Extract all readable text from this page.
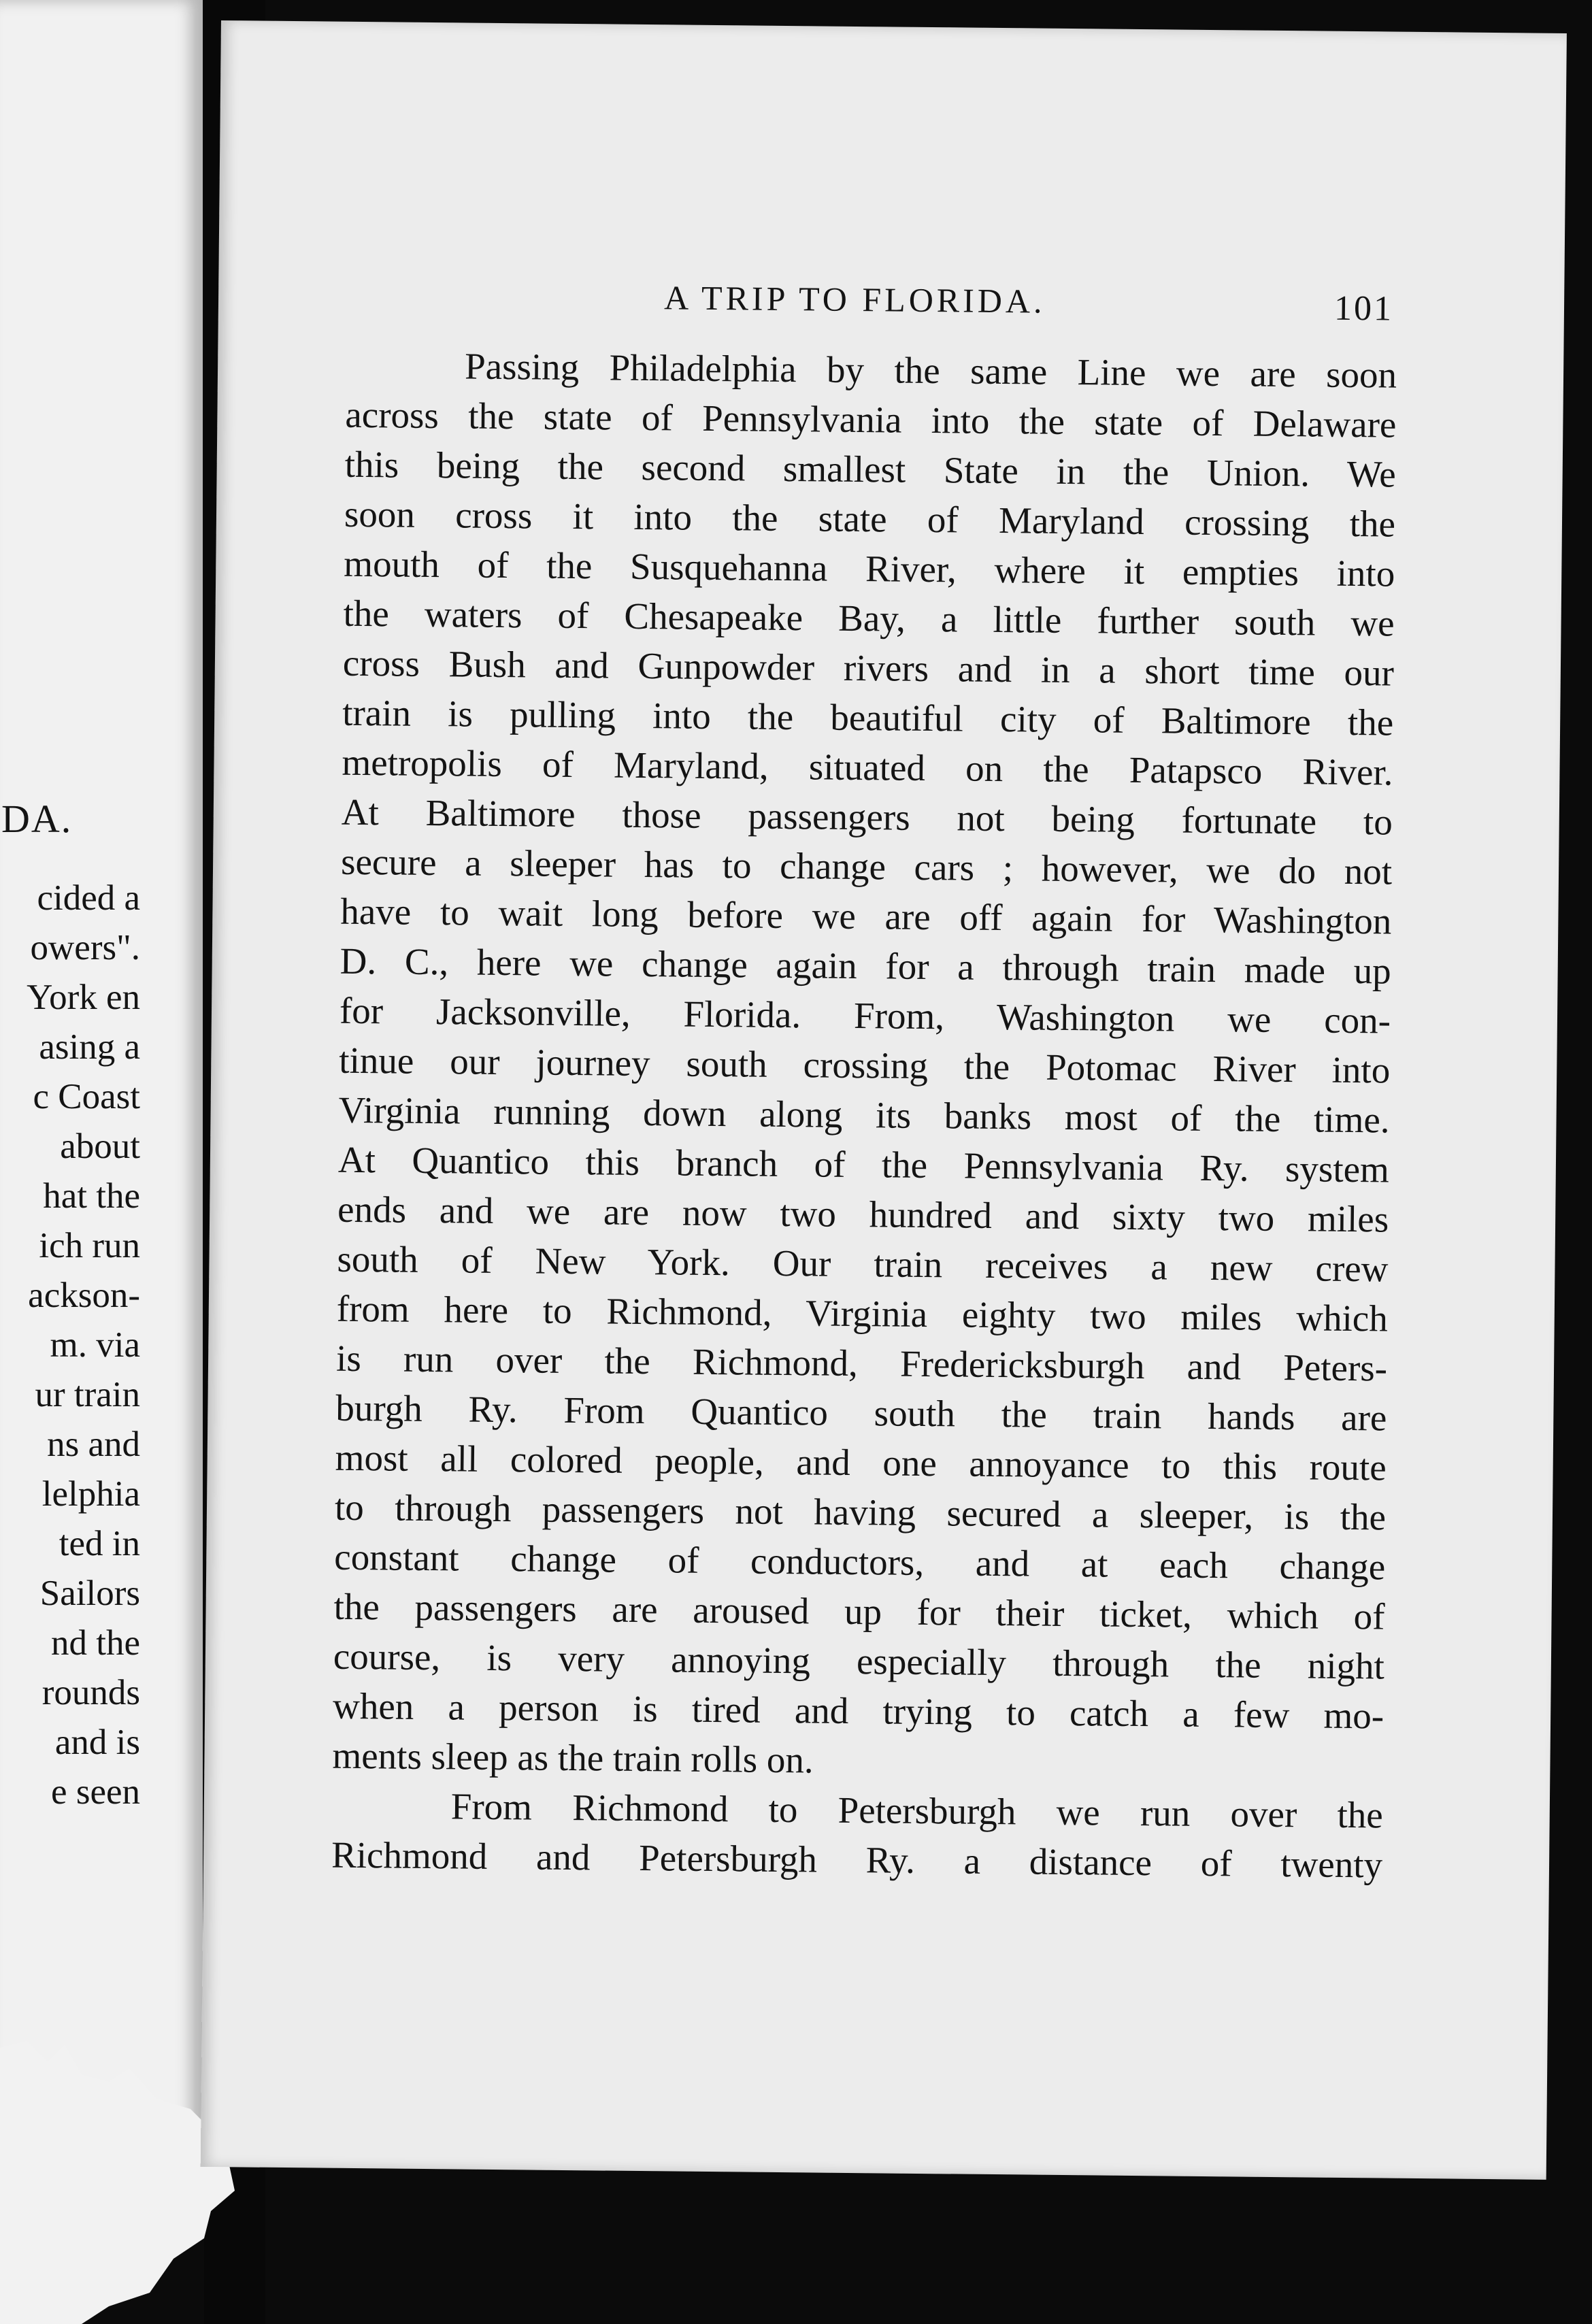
DA.
cided a
owers".
York en
asing a
c Coast
about
hat the
ich run
ackson-
m. via
ur train
ns and
lelphia
ted in
Sailors
nd the
rounds
and is
e seen
A TRIP TO FLORIDA.	101
Passing Philadelphia by the same Line we are soon
across the state of Pennsylvania into the state of Delaware
this being the second smallest State in the Union. We
soon cross it into the state of Maryland crossing the
mouth of the Susquehanna River, where it empties into
the waters of Chesapeake Bay, a little further south we
cross Bush and Gunpowder rivers and in a short time our
train is pulling into the beautiful city of Baltimore the
metropolis of Maryland, situated on the Patapsco River.
At Baltimore those passengers not being fortunate to
secure a sleeper has to change cars ; however, we do not
have to wait long before we are off again for Washington
D. C., here we change again for a through train made up
for Jacksonville, Florida. From, Washington we con-
tinue our journey south crossing the Potomac River into
Virginia running down along its banks most of the time.
At Quantico this branch of the Pennsylvania Ry. system
ends and we are now two hundred and sixty two miles
south of New York. Our train receives a new crew
from here to Richmond, Virginia eighty two miles which
is run over the Richmond, Fredericksburgh and Peters-
burgh Ry. From Quantico south the train hands are
most all colored people, and one annoyance to this route
to through passengers not having secured a sleeper, is the
constant change of conductors, and at each change
the passengers are aroused up for their ticket, which of
course, is very annoying especially through the night
when a person is tired and trying to catch a few mo-
ments sleep as the train rolls on.
From Richmond to Petersburgh we run over the
Richmond and Petersburgh Ry. a distance of twenty
